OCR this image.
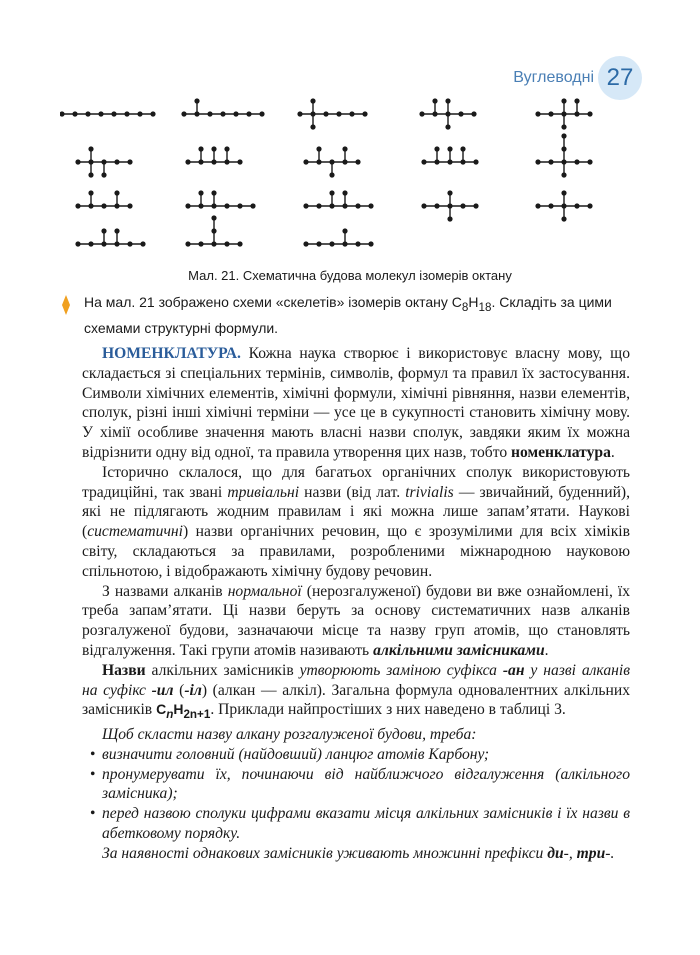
Вуглеводні 27
Мал. 21. Схематична будова молекул ізомерів октану
На мал. 21 зображено схеми «скелетів» ізомерів октану $C_8H_{18}$. Складіть за цими схемами структурні формули.

НОМЕНКЛАТУРА. Кожна наука створює і використовує власну мову, що складається зі спеціальних термінів, символів, формул та правил їх застосування. Символи хімічних елементів, хімічні формули, хімічні рівняння, назви елементів, сполук, різні інші хімічні терміни — усе це в сукупності становить хімічну мову. У хімії особливе значення мають власні назви сполук, завдяки яким їх можна відрізнити одну від одної, та правила утворення цих назв, тобто номенклатура.

Історично склалося, що для багатьох органічних сполук використовують традиційні, так звані тривіальні назви (від лат. trivialis — звичайний, буденний), які не підлягають жодним правилам і які можна лише запам’ятати. Наукові (систематичні) назви органічних речовин, що є зрозумілими для всіх хіміків світу, складаються за правилами, розробленими міжнародною науковою спільнотою, і відображають хімічну будову речовин.

З назвами алканів нормальної (нерозгалуженої) будови ви вже ознайомлені, їх треба запам’ятати. Ці назви беруть за основу систематичних назв алканів розгалуженої будови, зазначаючи місце та назву груп атомів, що становлять відгалуження. Такі групи атомів називають алкільними замісниками.

Назви алкільних замісників утворюють заміною суфікса -ан у назві алканів на суфікс -ил (-іл) (алкан — алкіл). Загальна формула одновалентних алкільних замісників $C_nH_{2n+1}$. Приклади найпростіших з них наведено в таблиці 3.

Щоб скласти назву алкану розгалуженої будови, треба:

• визначити головний (найдовший) ланцюг атомів Карбону;
• пронумерувати їх, починаючи від найближчого відгалуження (алкільного замісника);
• перед назвою сполуки цифрами вказати місця алкільних замісників і їх назви в абетковому порядку.

За наявності однакових замісників уживають множинні префікси ди-, три-.
